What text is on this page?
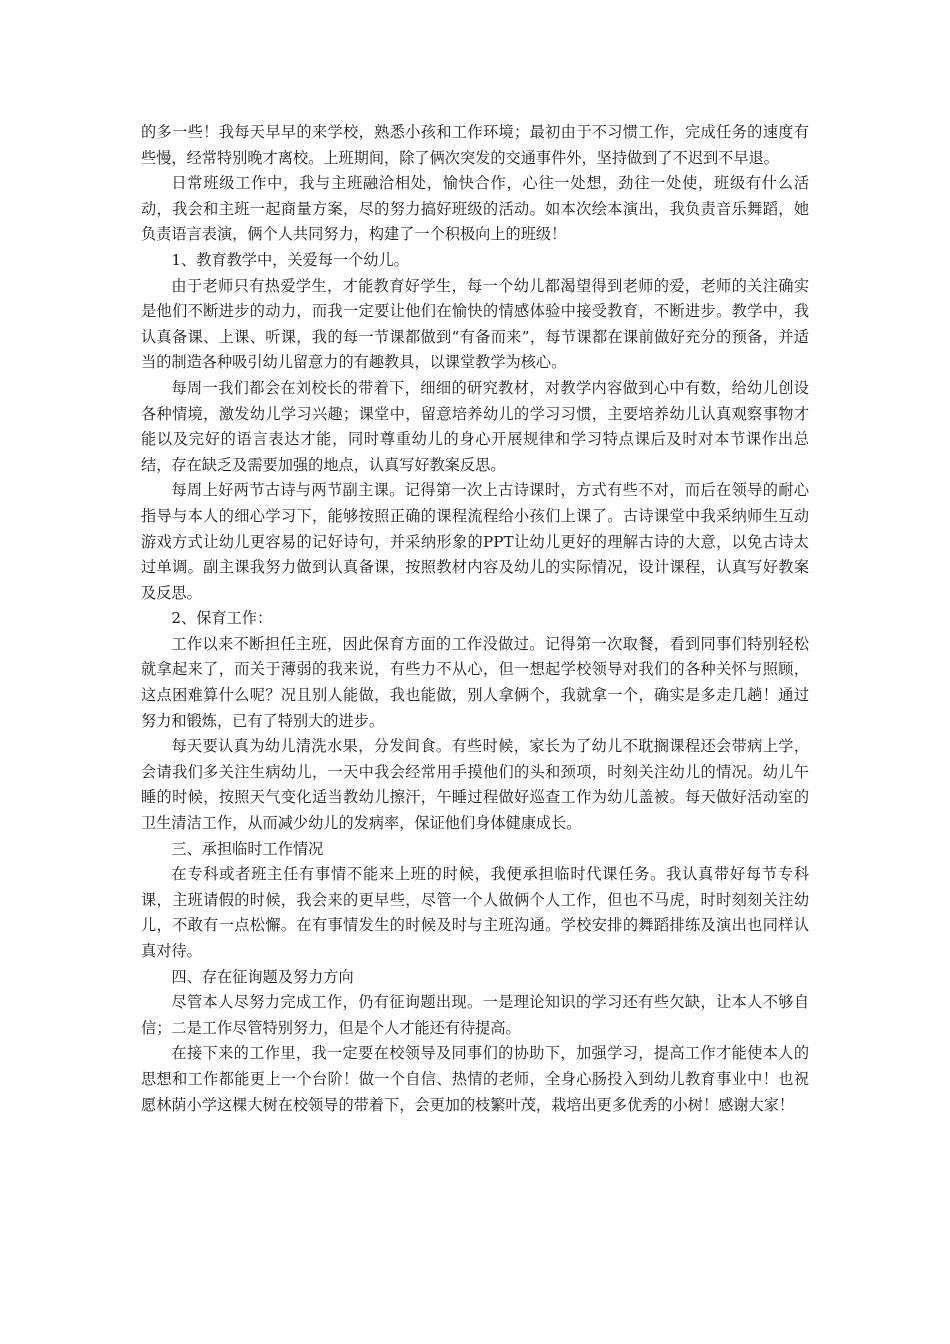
的多一些！我每天早早的来学校，熟悉小孩和工作环境；最初由于不习惯工作，完成任务的速度有些慢，经常特别晚才离校。上班期间，除了俩次突发的交通事件外，坚持做到了不迟到不早退。

日常班级工作中，我与主班融洽相处，愉快合作，心往一处想，劲往一处使，班级有什么活动，我会和主班一起商量方案，尽的努力搞好班级的活动。如本次绘本演出，我负责音乐舞蹈，她负责语言表演，俩个人共同努力，构建了一个积极向上的班级！

1、教育教学中，关爱每一个幼儿。

由于老师只有热爱学生，才能教育好学生，每一个幼儿都渴望得到老师的爱，老师的关注确实是他们不断进步的动力，而我一定要让他们在愉快的情感体验中接受教育，不断进步。教学中，我认真备课、上课、听课，我的每一节课都做到“有备而来”，每节课都在课前做好充分的预备，并适当的制造各种吸引幼儿留意力的有趣教具，以课堂教学为核心。

每周一我们都会在刘校长的带着下，细细的研究教材，对教学内容做到心中有数，给幼儿创设各种情境，激发幼儿学习兴趣；课堂中，留意培养幼儿的学习习惯，主要培养幼儿认真观察事物才能以及完好的语言表达才能，同时尊重幼儿的身心开展规律和学习特点课后及时对本节课作出总结，存在缺乏及需要加强的地点，认真写好教案反思。

每周上好两节古诗与两节副主课。记得第一次上古诗课时，方式有些不对，而后在领导的耐心指导与本人的细心学习下，能够按照正确的课程流程给小孩们上课了。古诗课堂中我采纳师生互动游戏方式让幼儿更容易的记好诗句，并采纳形象的PPT让幼儿更好的理解古诗的大意，以免古诗太过单调。副主课我努力做到认真备课，按照教材内容及幼儿的实际情况，设计课程，认真写好教案及反思。

2、保育工作：

工作以来不断担任主班，因此保育方面的工作没做过。记得第一次取餐，看到同事们特别轻松就拿起来了，而关于薄弱的我来说，有些力不从心，但一想起学校领导对我们的各种关怀与照顾，这点困难算什么呢？况且别人能做，我也能做，别人拿俩个，我就拿一个，确实是多走几趟！通过努力和锻炼，已有了特别大的进步。

每天要认真为幼儿清洗水果，分发间食。有些时候，家长为了幼儿不耽搁课程还会带病上学，会请我们多关注生病幼儿，一天中我会经常用手摸他们的头和颈项，时刻关注幼儿的情况。幼儿午睡的时候，按照天气变化适当教幼儿擦汗，午睡过程做好巡查工作为幼儿盖被。每天做好活动室的卫生清洁工作，从而减少幼儿的发病率，保证他们身体健康成长。

三、承担临时工作情况

在专科或者班主任有事情不能来上班的时候，我便承担临时代课任务。我认真带好每节专科课，主班请假的时候，我会来的更早些，尽管一个人做俩个人工作，但也不马虎，时时刻刻关注幼儿，不敢有一点松懈。在有事情发生的时候及时与主班沟通。学校安排的舞蹈排练及演出也同样认真对待。

四、存在征询题及努力方向

尽管本人尽努力完成工作，仍有征询题出现。一是理论知识的学习还有些欠缺，让本人不够自信；二是工作尽管特别努力，但是个人才能还有待提高。

在接下来的工作里，我一定要在校领导及同事们的协助下，加强学习，提高工作才能使本人的思想和工作都能更上一个台阶！做一个自信、热情的老师，全身心肠投入到幼儿教育事业中！也祝愿林荫小学这棵大树在校领导的带着下，会更加的枝繁叶茂，栽培出更多优秀的小树！感谢大家！
